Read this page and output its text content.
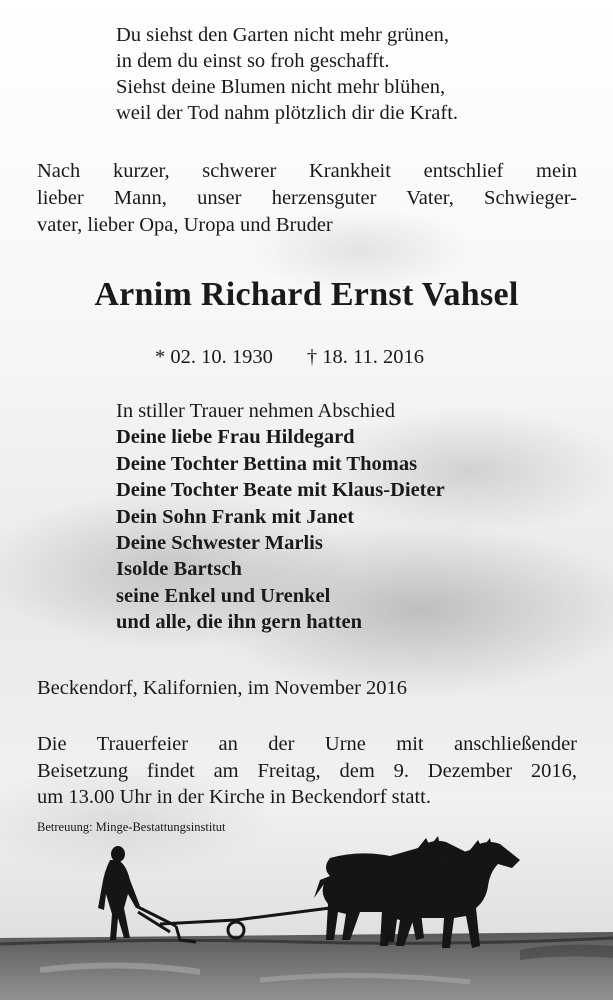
Du siehst den Garten nicht mehr grünen,
in dem du einst so froh geschafft.
Siehst deine Blumen nicht mehr blühen,
weil der Tod nahm plötzlich dir die Kraft.
Nach kurzer, schwerer Krankheit entschlief mein
lieber Mann, unser herzensguter Vater, Schwieger-
vater, lieber Opa, Uropa und Bruder
Arnim Richard Ernst Vahsel
* 02. 10. 1930 † 18. 11. 2016
In stiller Trauer nehmen Abschied
Deine liebe Frau Hildegard
Deine Tochter Bettina mit Thomas
Deine Tochter Beate mit Klaus-Dieter
Dein Sohn Frank mit Janet
Deine Schwester Marlis
Isolde Bartsch
seine Enkel und Urenkel
und alle, die ihn gern hatten
Beckendorf, Kalifornien, im November 2016
Die Trauerfeier an der Urne mit anschließender
Beisetzung findet am Freitag, dem 9. Dezember 2016,
um 13.00 Uhr in der Kirche in Beckendorf statt.
Betreuung: Minge-Bestattungsinstitut
